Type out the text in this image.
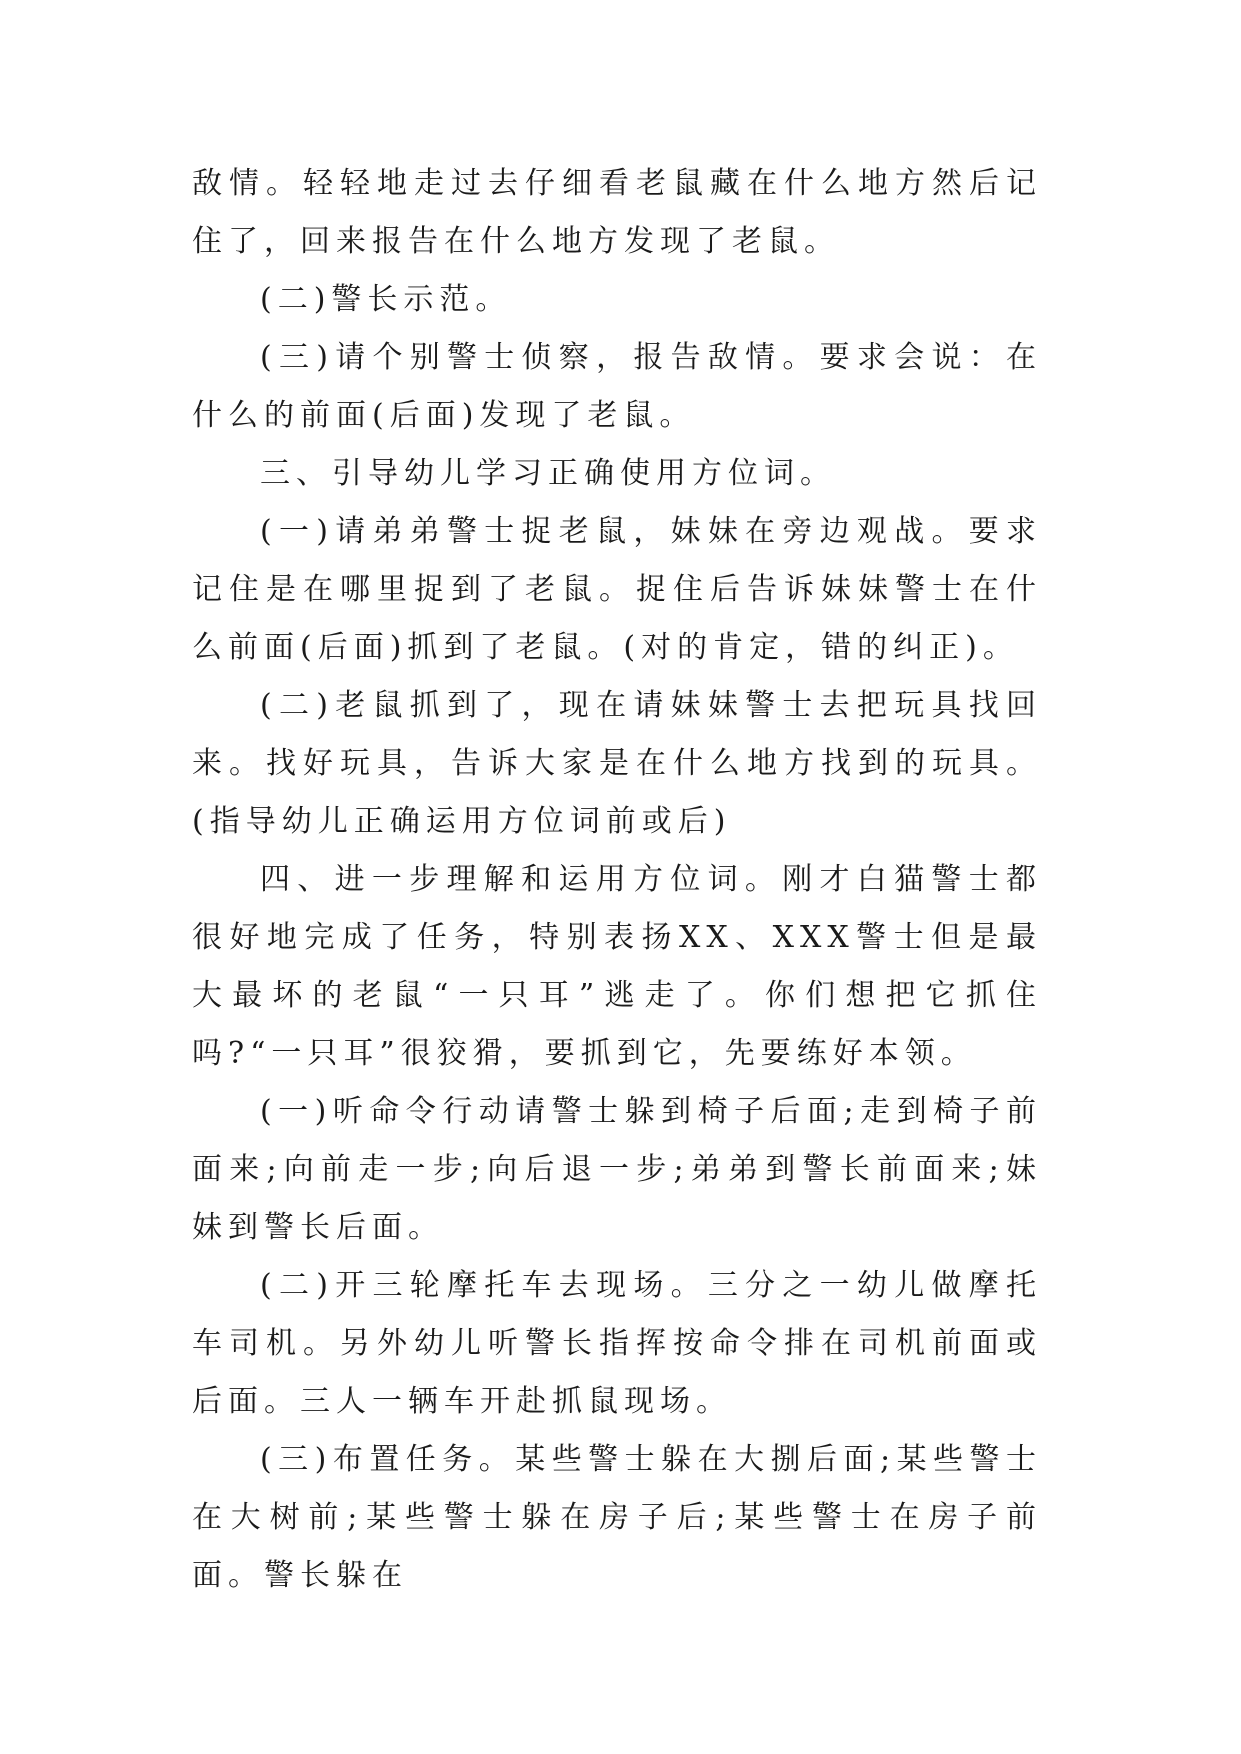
敌情。轻轻地走过去仔细看老鼠藏在什么地方然后记住了，回来报告在什么地方发现了老鼠。

(二)警长示范。

(三)请个别警士侦察，报告敌情。要求会说：在什么的前面(后面)发现了老鼠。

三、引导幼儿学习正确使用方位词。

(一)请弟弟警士捉老鼠，妹妹在旁边观战。要求记住是在哪里捉到了老鼠。捉住后告诉妹妹警士在什么前面(后面)抓到了老鼠。(对的肯定，错的纠正)。

(二)老鼠抓到了，现在请妹妹警士去把玩具找回来。找好玩具，告诉大家是在什么地方找到的玩具。(指导幼儿正确运用方位词前或后)

四、进一步理解和运用方位词。刚才白猫警士都很好地完成了任务，特别表扬XX、XXX警士但是最大最坏的老鼠“一只耳”逃走了。你们想把它抓住吗?“一只耳”很狡猾，要抓到它，先要练好本领。

(一)听命令行动请警士躲到椅子后面;走到椅子前面来;向前走一步;向后退一步;弟弟到警长前面来;妹妹到警长后面。

(二)开三轮摩托车去现场。三分之一幼儿做摩托车司机。另外幼儿听警长指挥按命令排在司机前面或后面。三人一辆车开赴抓鼠现场。

(三)布置任务。某些警士躲在大捌后面;某些警士在大树前;某些警士躲在房子后;某些警士在房子前面。警长躲在
